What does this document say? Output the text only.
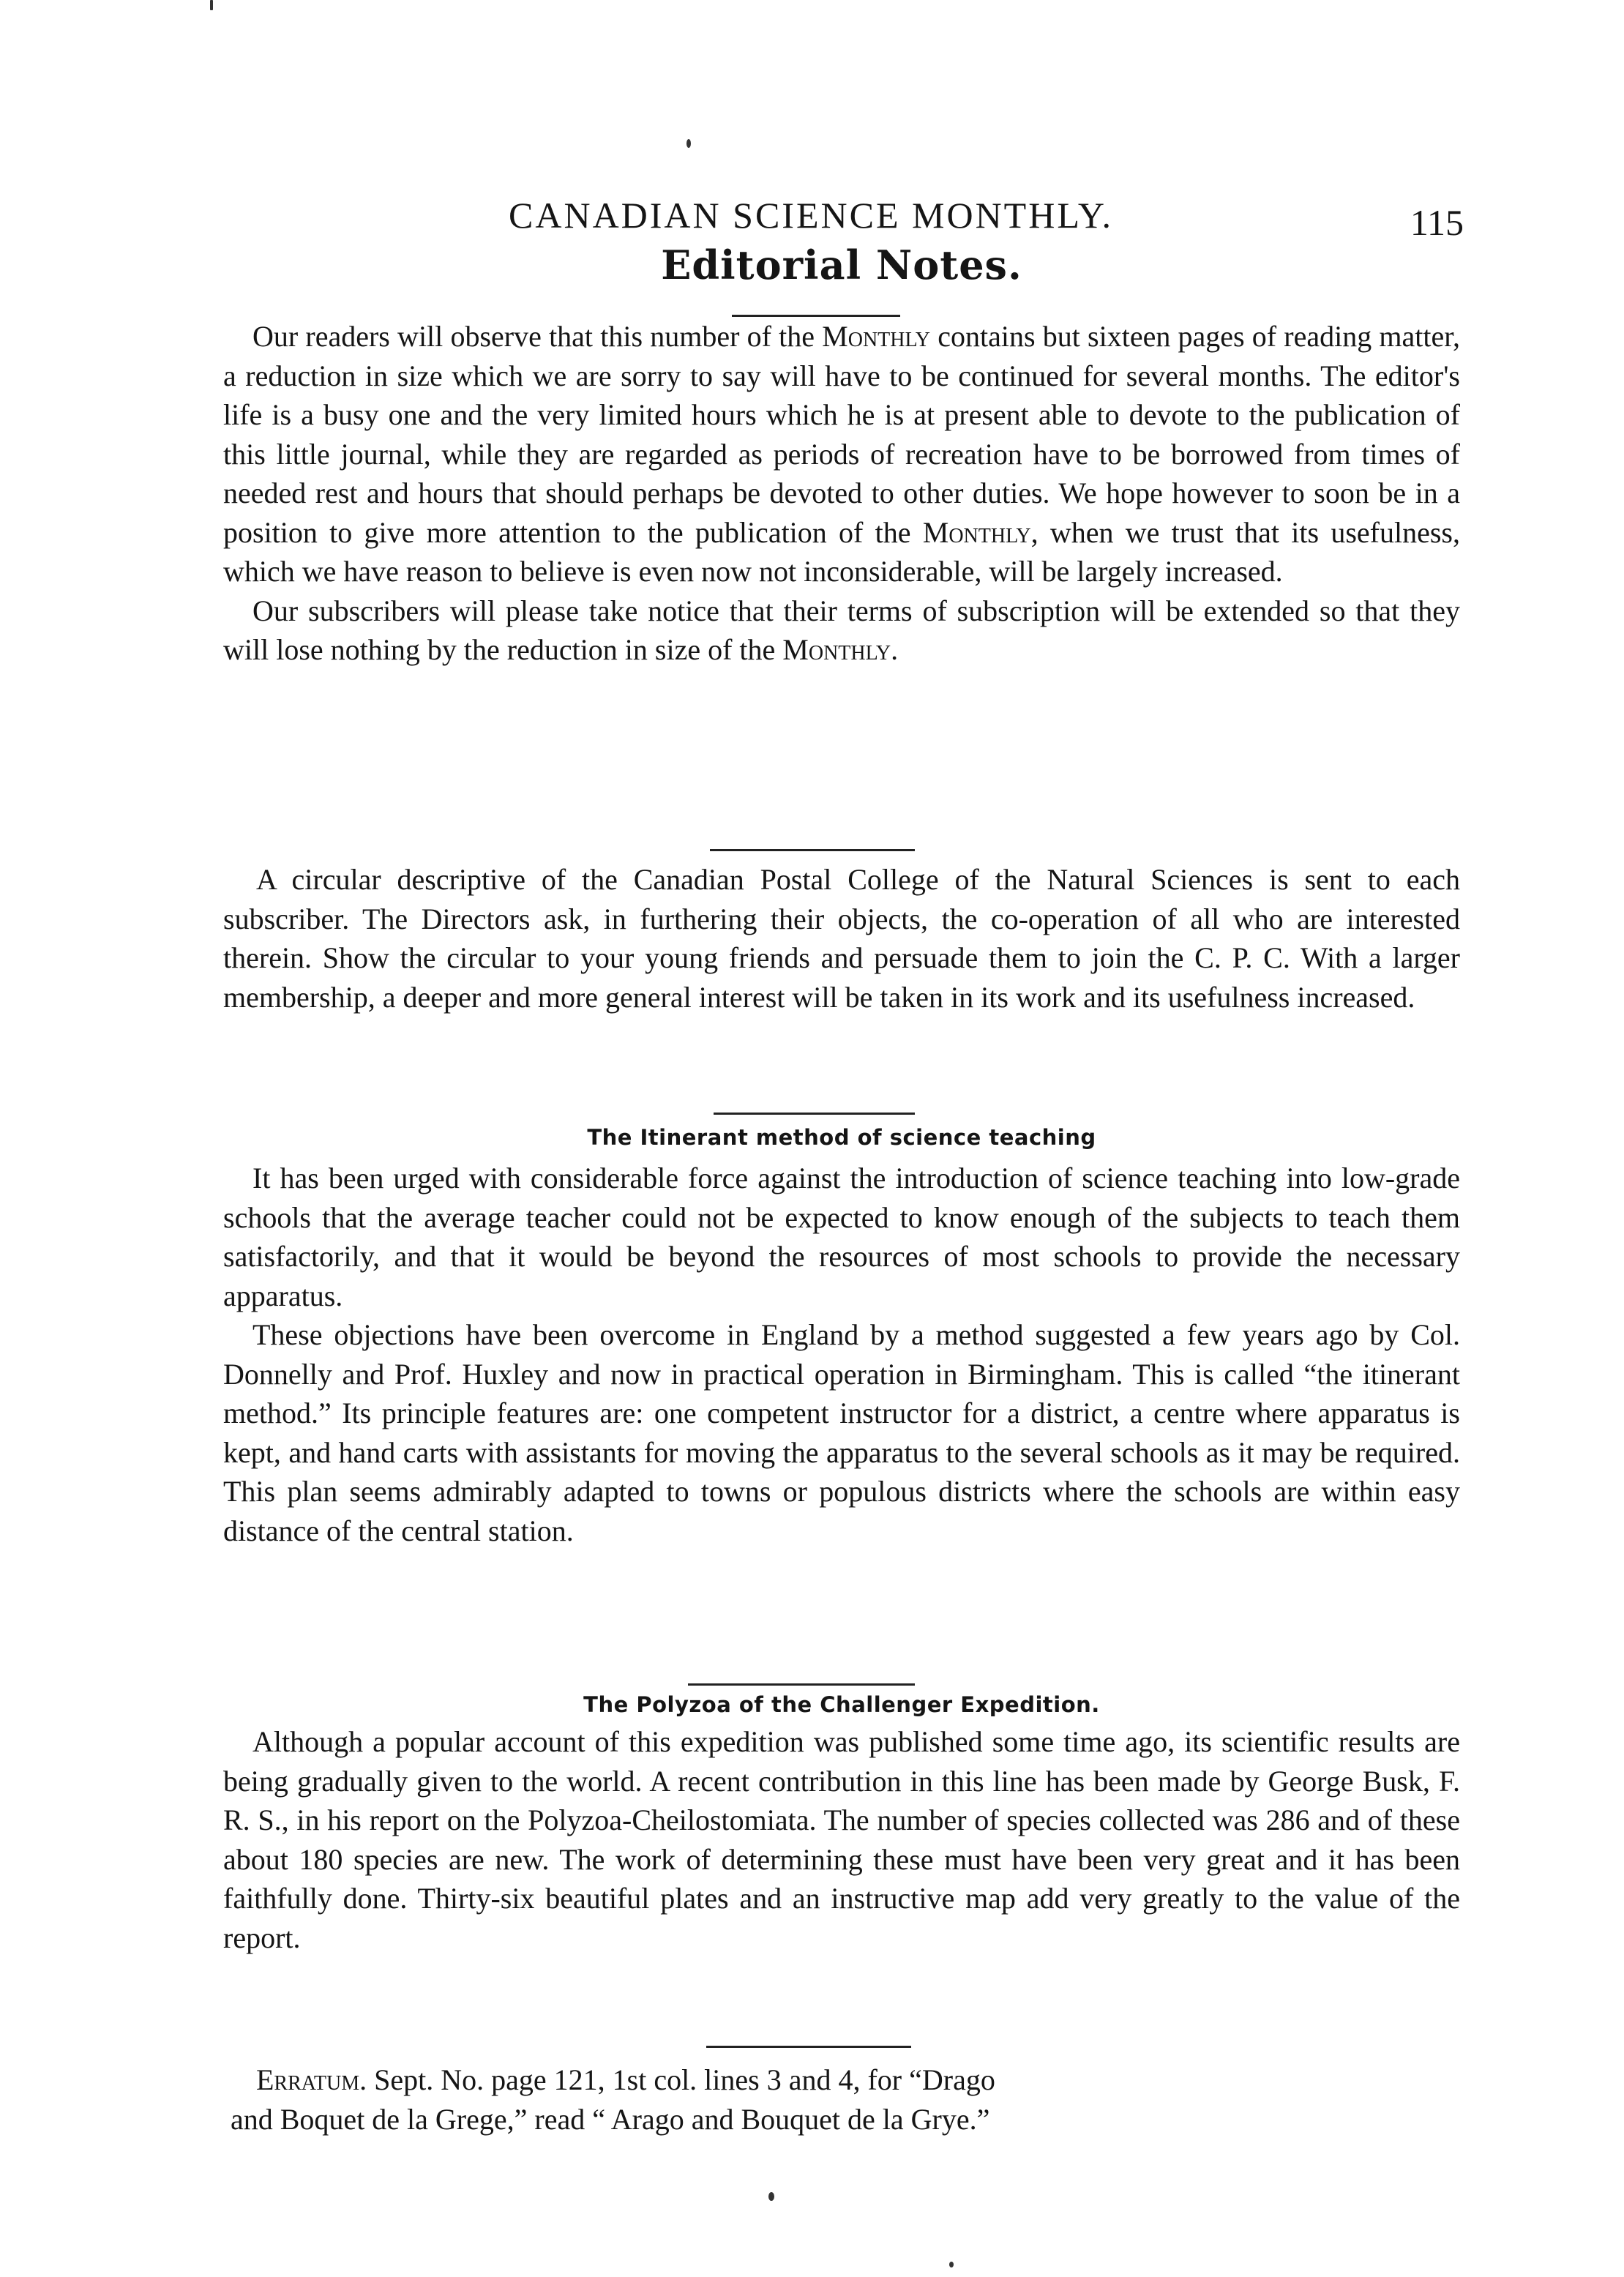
CANADIAN SCIENCE MONTHLY.	115
Editorial Notes.

Our readers will observe that this number of the Monthly contains but sixteen pages of reading matter, a reduction in size which we are sorry to say will have to be continued for several months. The editor's life is a busy one and the very limited hours which he is at present able to devote to the publication of this little journal, while they are regarded as periods of recreation have to be borrowed from times of needed rest and hours that should perhaps be devoted to other duties. We hope however to soon be in a position to give more attention to the publication of the Monthly, when we trust that its usefulness, which we have reason to believe is even now not inconsiderable, will be largely increased.

Our subscribers will please take notice that their terms of subscription will be extended so that they will lose nothing by the reduction in size of the Monthly.

A circular descriptive of the Canadian Postal College of the Natural Sciences is sent to each subscriber. The Directors ask, in furthering their objects, the co-operation of all who are interested therein. Show the circular to your young friends and persuade them to join the C. P. C. With a larger membership, a deeper and more general interest will be taken in its work and its usefulness increased.

The Itinerant method of science teaching

It has been urged with considerable force against the introduction of science teaching into low-grade schools that the average teacher could not be expected to know enough of the subjects to teach them satisfactorily, and that it would be beyond the resources of most schools to provide the necessary apparatus.

These objections have been overcome in England by a method suggested a few years ago by Col. Donnelly and Prof. Huxley and now in practical operation in Birmingham. This is called “the itinerant method.” Its principle features are: one competent instructor for a district, a centre where apparatus is kept, and hand carts with assistants for moving the apparatus to the several schools as it may be required. This plan seems admirably adapted to towns or populous districts where the schools are within easy distance of the central station.

The Polyzoa of the Challenger Expedition.

Although a popular account of this expedition was published some time ago, its scientific results are being gradually given to the world. A recent contribution in this line has been made by George Busk, F. R. S., in his report on the Polyzoa-Cheilostomiata. The number of species collected was 286 and of these about 180 species are new. The work of determining these must have been very great and it has been faithfully done. Thirty-six beautiful plates and an instructive map add very greatly to the value of the report.

Erratum. Sept. No. page 121, 1st col. lines 3 and 4, for “Drago
and Boquet de la Grege,” read “ Arago and Bouquet de la Grye.”
